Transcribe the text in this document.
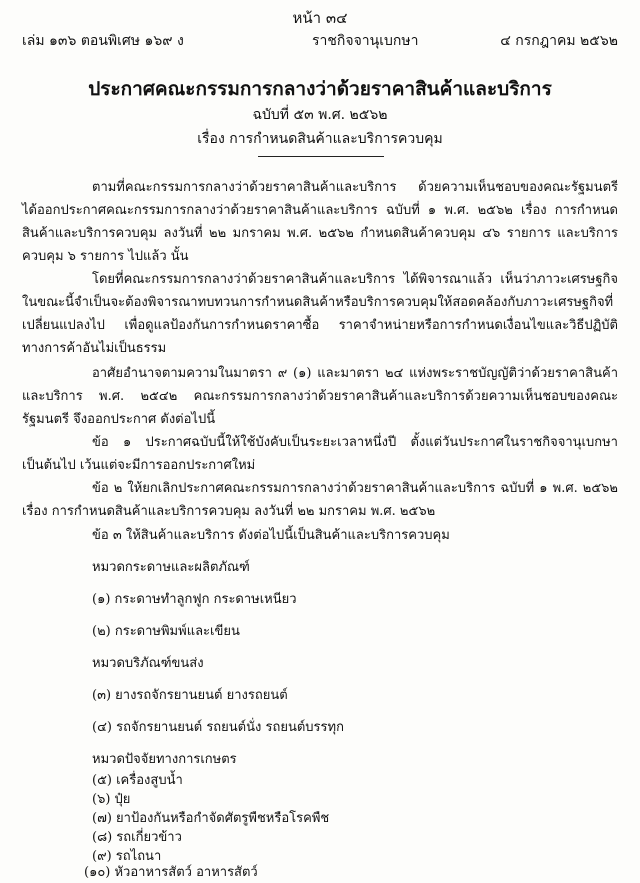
หน้า ๓๔
เล่ม ๑๓๖ ตอนพิเศษ ๑๖๙ ง	ราชกิจจานุเบกษา	๔ กรกฎาคม ๒๕๖๒
ประกาศคณะกรรมการกลางว่าด้วยราคาสินค้าและบริการ
ฉบับที่ ๕๓ พ.ศ. ๒๕๖๒
เรื่อง การกำหนดสินค้าและบริการควบคุม

ตามที่คณะกรรมการกลางว่าด้วยราคาสินค้าและบริการ ด้วยความเห็นชอบของคณะรัฐมนตรี ได้ออกประกาศคณะกรรมการกลางว่าด้วยราคาสินค้าและบริการ ฉบับที่ ๑ พ.ศ. ๒๕๖๒ เรื่อง การกำหนดสินค้าและบริการควบคุม ลงวันที่ ๒๒ มกราคม พ.ศ. ๒๕๖๒ กำหนดสินค้าควบคุม ๔๖ รายการ และบริการควบคุม ๖ รายการ ไปแล้ว นั้น

โดยที่คณะกรรมการกลางว่าด้วยราคาสินค้าและบริการ ได้พิจารณาแล้ว เห็นว่าภาวะเศรษฐกิจในขณะนี้จำเป็นจะต้องพิจารณาทบทวนการกำหนดสินค้าหรือบริการควบคุมให้สอดคล้องกับภาวะเศรษฐกิจที่เปลี่ยนแปลงไป เพื่อดูแลป้องกันการกำหนดราคาซื้อ ราคาจำหน่ายหรือการกำหนดเงื่อนไขและวิธีปฏิบัติทางการค้าอันไม่เป็นธรรม

อาศัยอำนาจตามความในมาตรา ๙ (๑) และมาตรา ๒๔ แห่งพระราชบัญญัติว่าด้วยราคาสินค้าและบริการ พ.ศ. ๒๕๔๒ คณะกรรมการกลางว่าด้วยราคาสินค้าและบริการด้วยความเห็นชอบของคณะรัฐมนตรี จึงออกประกาศ ดังต่อไปนี้

ข้อ ๑ ประกาศฉบับนี้ให้ใช้บังคับเป็นระยะเวลาหนึ่งปี ตั้งแต่วันประกาศในราชกิจจานุเบกษาเป็นต้นไป เว้นแต่จะมีการออกประกาศใหม่

ข้อ ๒ ให้ยกเลิกประกาศคณะกรรมการกลางว่าด้วยราคาสินค้าและบริการ ฉบับที่ ๑ พ.ศ. ๒๕๖๒ เรื่อง การกำหนดสินค้าและบริการควบคุม ลงวันที่ ๒๒ มกราคม พ.ศ. ๒๕๖๒

ข้อ ๓ ให้สินค้าและบริการ ดังต่อไปนี้เป็นสินค้าและบริการควบคุม
หมวดกระดาษและผลิตภัณฑ์
(๑) กระดาษทำลูกฟูก กระดาษเหนียว
(๒) กระดาษพิมพ์และเขียน
หมวดบริภัณฑ์ขนส่ง
(๓) ยางรถจักรยานยนต์ ยางรถยนต์
(๔) รถจักรยานยนต์ รถยนต์นั่ง รถยนต์บรรทุก
หมวดปัจจัยทางการเกษตร
(๕) เครื่องสูบน้ำ
(๖) ปุ๋ย
(๗) ยาป้องกันหรือกำจัดศัตรูพืชหรือโรคพืช
(๘) รถเกี่ยวข้าว
(๙) รถไถนา
(๑๐) หัวอาหารสัตว์ อาหารสัตว์
